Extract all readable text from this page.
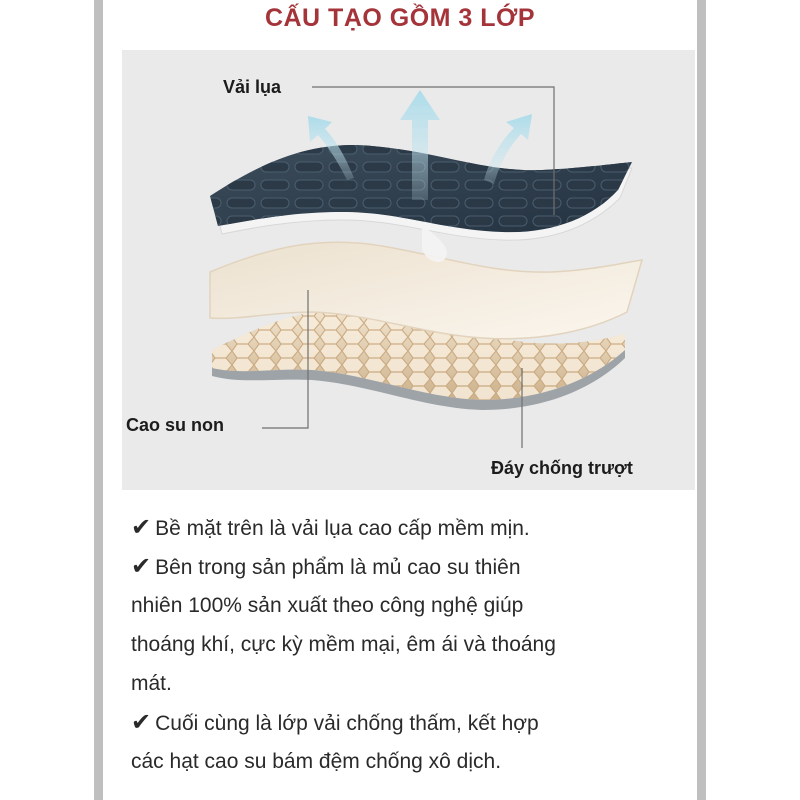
CẤU TẠO GỒM 3 LỚP
Vải lụa
Cao su non
Đáy chống trượt
✔ Bề mặt trên là vải lụa cao cấp mềm mịn.
✔ Bên trong sản phẩm là mủ cao su thiên
nhiên 100% sản xuất theo công nghệ giúp
thoáng khí, cực kỳ mềm mại, êm ái và thoáng
mát.
✔ Cuối cùng là lớp vải chống thấm, kết hợp
các hạt cao su bám đệm chống xô dịch.
